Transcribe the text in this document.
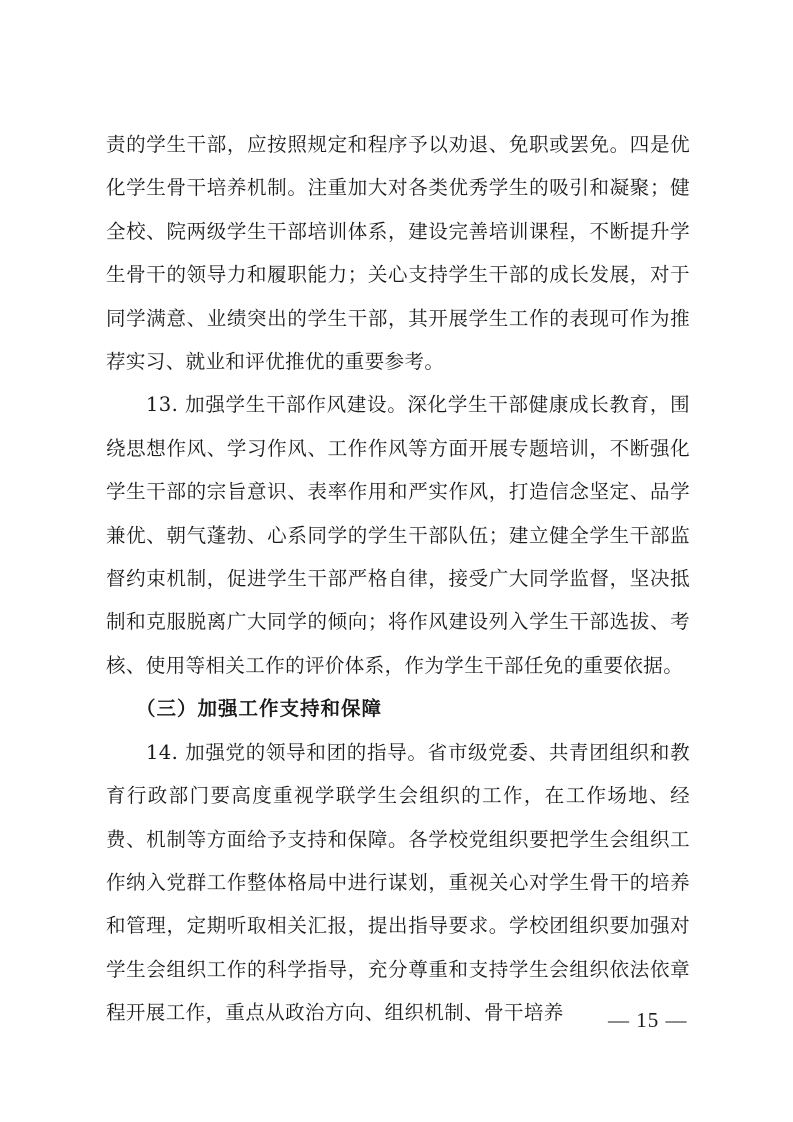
责的学生干部，应按照规定和程序予以劝退、免职或罢免。四是优化学生骨干培养机制。注重加大对各类优秀学生的吸引和凝聚；健全校、院两级学生干部培训体系，建设完善培训课程，不断提升学生骨干的领导力和履职能力；关心支持学生干部的成长发展，对于同学满意、业绩突出的学生干部，其开展学生工作的表现可作为推荐实习、就业和评优推优的重要参考。

13. 加强学生干部作风建设。深化学生干部健康成长教育，围绕思想作风、学习作风、工作作风等方面开展专题培训，不断强化学生干部的宗旨意识、表率作用和严实作风，打造信念坚定、品学兼优、朝气蓬勃、心系同学的学生干部队伍；建立健全学生干部监督约束机制，促进学生干部严格自律，接受广大同学监督，坚决抵制和克服脱离广大同学的倾向；将作风建设列入学生干部选拔、考核、使用等相关工作的评价体系，作为学生干部任免的重要依据。

（三）加强工作支持和保障

14. 加强党的领导和团的指导。省市级党委、共青团组织和教育行政部门要高度重视学联学生会组织的工作，在工作场地、经费、机制等方面给予支持和保障。各学校党组织要把学生会组织工作纳入党群工作整体格局中进行谋划，重视关心对学生骨干的培养和管理，定期听取相关汇报，提出指导要求。学校团组织要加强对学生会组织工作的科学指导，充分尊重和支持学生会组织依法依章程开展工作，重点从政治方向、组织机制、骨干培养	— 15 —
